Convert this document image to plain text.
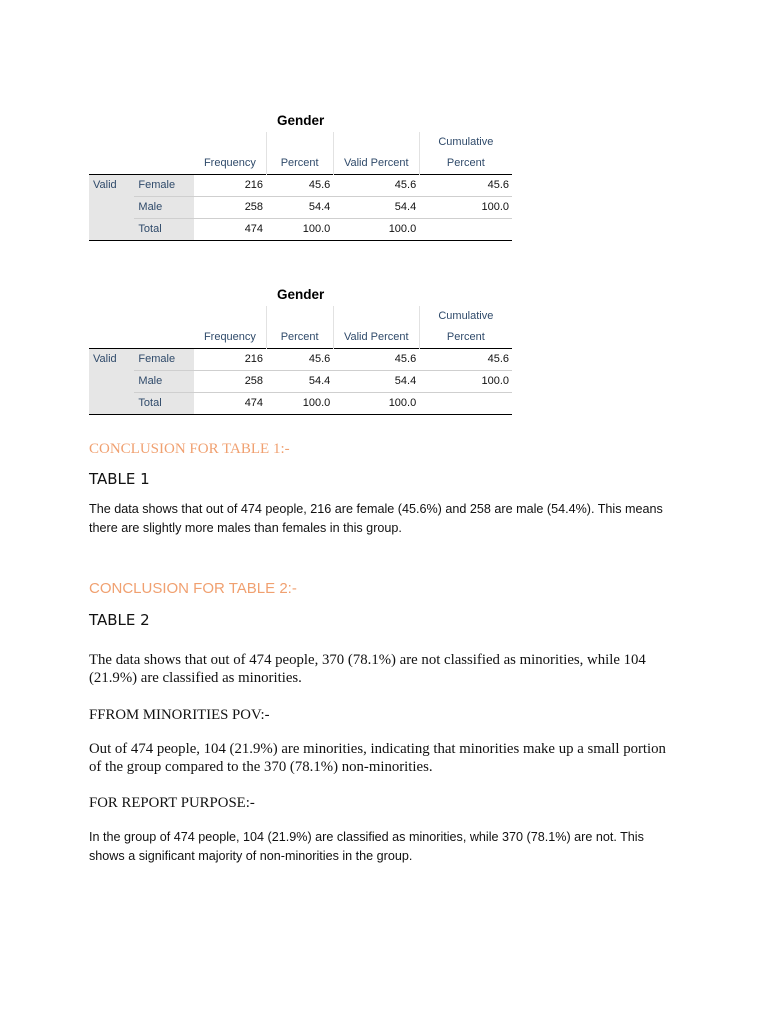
Gender
					Cumulative
		Frequency	Percent	Valid Percent	Percent
Valid	Female	216	45.6	45.6	45.6
	Male	258	54.4	54.4	100.0
	Total	474	100.0	100.0	
Gender
					Cumulative
		Frequency	Percent	Valid Percent	Percent
Valid	Female	216	45.6	45.6	45.6
	Male	258	54.4	54.4	100.0
	Total	474	100.0	100.0	

CONCLUSION FOR TABLE 1:-

TABLE 1

The data shows that out of 474 people, 216 are female (45.6%) and 258 are male (54.4%). This means there are slightly more males than females in this group.

CONCLUSION FOR TABLE 2:-

TABLE 2

The data shows that out of 474 people, 370 (78.1%) are not classified as minorities, while 104 (21.9%) are classified as minorities.

FFROM MINORITIES POV:-

Out of 474 people, 104 (21.9%) are minorities, indicating that minorities make up a small portion of the group compared to the 370 (78.1%) non-minorities.

FOR REPORT PURPOSE:-

In the group of 474 people, 104 (21.9%) are classified as minorities, while 370 (78.1%) are not. This shows a significant majority of non-minorities in the group.
